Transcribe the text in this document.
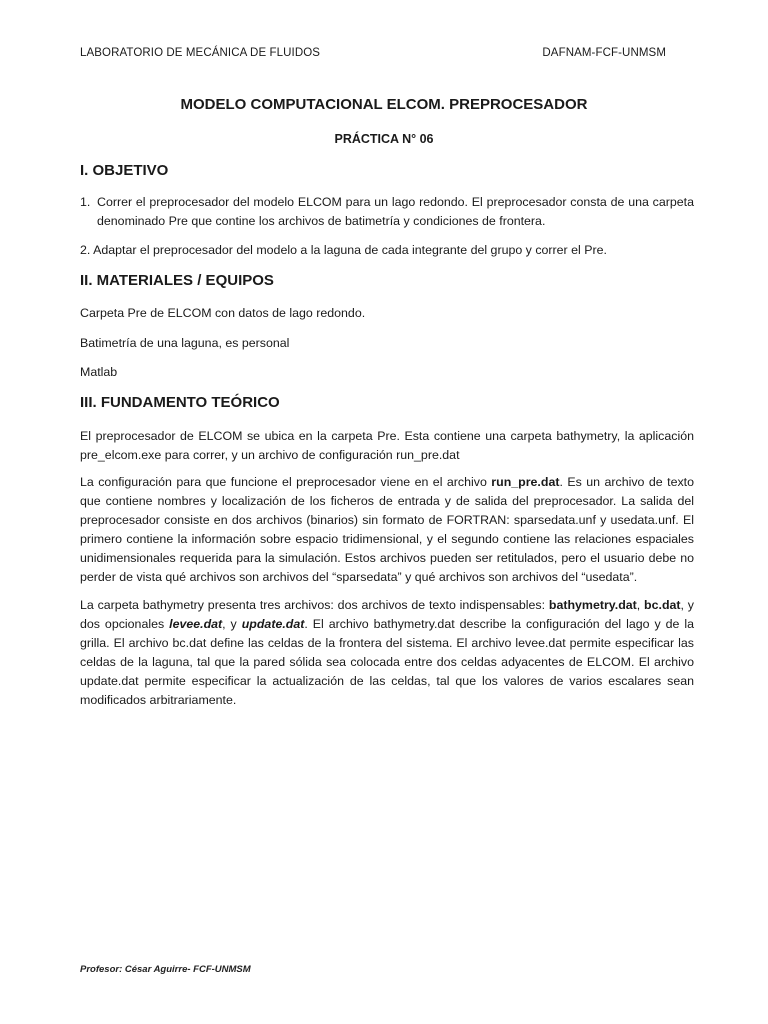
LABORATORIO DE MECÁNICA DE FLUIDOS	DAFNAM-FCF-UNMSM
MODELO COMPUTACIONAL ELCOM. PREPROCESADOR
PRÁCTICA N° 06
I. OBJETIVO
1. Correr el preprocesador del modelo ELCOM para un lago redondo. El preprocesador consta de una carpeta denominado Pre que contine los archivos de batimetría y condiciones de frontera.
2. Adaptar el preprocesador del modelo a la laguna de cada integrante del grupo y correr el Pre.
II. MATERIALES / EQUIPOS
Carpeta Pre de ELCOM con datos de lago redondo.
Batimetría de una laguna, es personal
Matlab
III. FUNDAMENTO TEÓRICO
El preprocesador de ELCOM se ubica en la carpeta Pre. Esta contiene una carpeta bathymetry, la aplicación pre_elcom.exe para correr, y un archivo de configuración run_pre.dat
La configuración para que funcione el preprocesador viene en el archivo run_pre.dat. Es un archivo de texto que contiene nombres y localización de los ficheros de entrada y de salida del preprocesador. La salida del preprocesador consiste en dos archivos (binarios) sin formato de FORTRAN: sparsedata.unf y usedata.unf. El primero contiene la información sobre espacio tridimensional, y el segundo contiene las relaciones espaciales unidimensionales requerida para la simulación. Estos archivos pueden ser retitulados, pero el usuario debe no perder de vista qué archivos son archivos del “sparsedata” y qué archivos son archivos del “usedata”.
La carpeta bathymetry presenta tres archivos: dos archivos de texto indispensables: bathymetry.dat, bc.dat, y dos opcionales levee.dat, y update.dat. El archivo bathymetry.dat describe la configuración del lago y de la grilla. El archivo bc.dat define las celdas de la frontera del sistema. El archivo levee.dat permite especificar las celdas de la laguna, tal que la pared sólida sea colocada entre dos celdas adyacentes de ELCOM. El archivo update.dat permite especificar la actualización de las celdas, tal que los valores de varios escalares sean modificados arbitrariamente.
Profesor: César Aguirre- FCF-UNMSM
